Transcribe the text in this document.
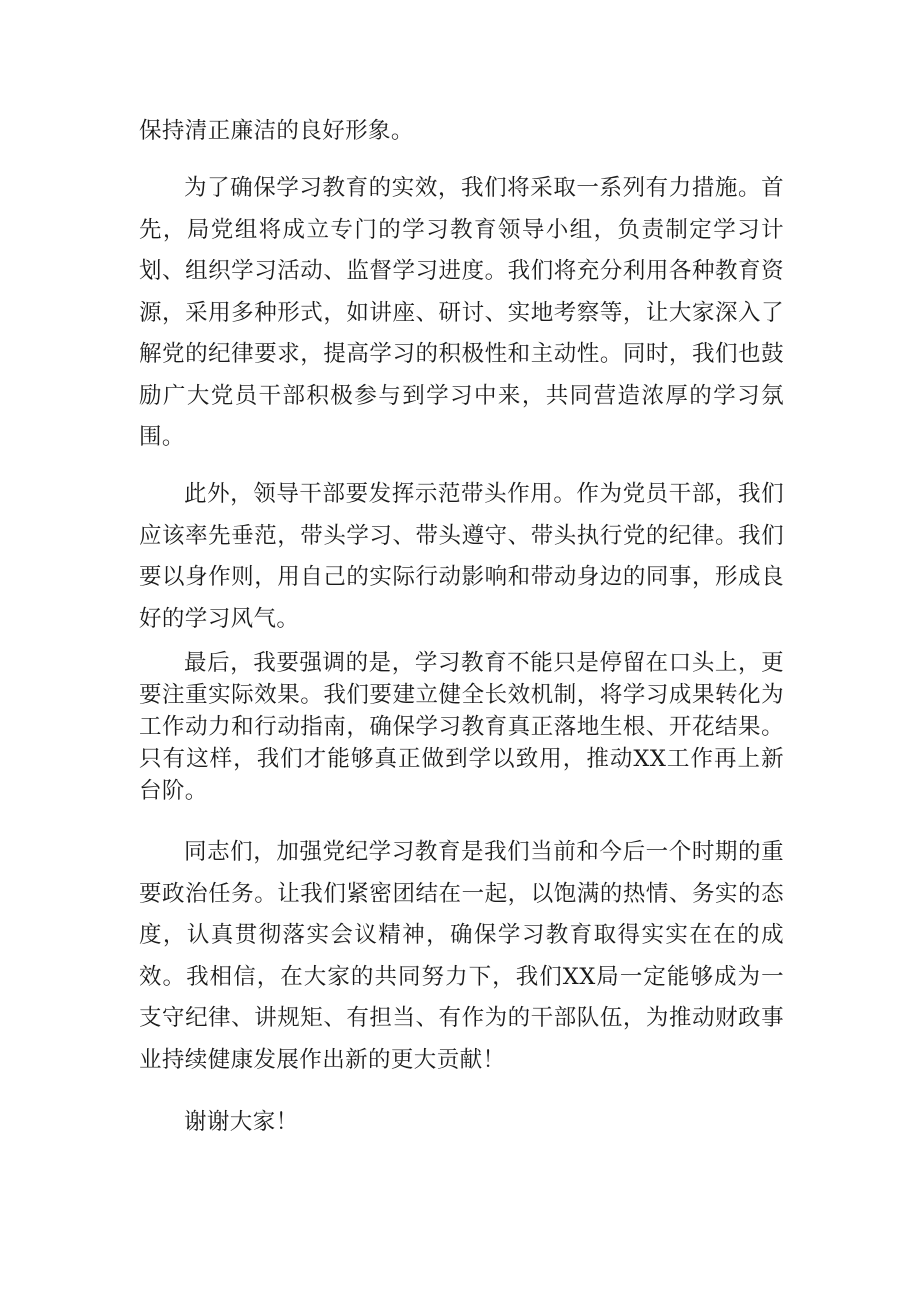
保持清正廉洁的良好形象。

为了确保学习教育的实效，我们将采取一系列有力措施。首先，局党组将成立专门的学习教育领导小组，负责制定学习计划、组织学习活动、监督学习进度。我们将充分利用各种教育资源，采用多种形式，如讲座、研讨、实地考察等，让大家深入了解党的纪律要求，提高学习的积极性和主动性。同时，我们也鼓励广大党员干部积极参与到学习中来，共同营造浓厚的学习氛围。

此外，领导干部要发挥示范带头作用。作为党员干部，我们应该率先垂范，带头学习、带头遵守、带头执行党的纪律。我们要以身作则，用自己的实际行动影响和带动身边的同事，形成良好的学习风气。

最后，我要强调的是，学习教育不能只是停留在口头上，更要注重实际效果。我们要建立健全长效机制，将学习成果转化为工作动力和行动指南，确保学习教育真正落地生根、开花结果。只有这样，我们才能够真正做到学以致用，推动XX工作再上新台阶。

同志们，加强党纪学习教育是我们当前和今后一个时期的重要政治任务。让我们紧密团结在一起，以饱满的热情、务实的态度，认真贯彻落实会议精神，确保学习教育取得实实在在的成效。我相信，在大家的共同努力下，我们XX局一定能够成为一支守纪律、讲规矩、有担当、有作为的干部队伍，为推动财政事业持续健康发展作出新的更大贡献！

谢谢大家！
